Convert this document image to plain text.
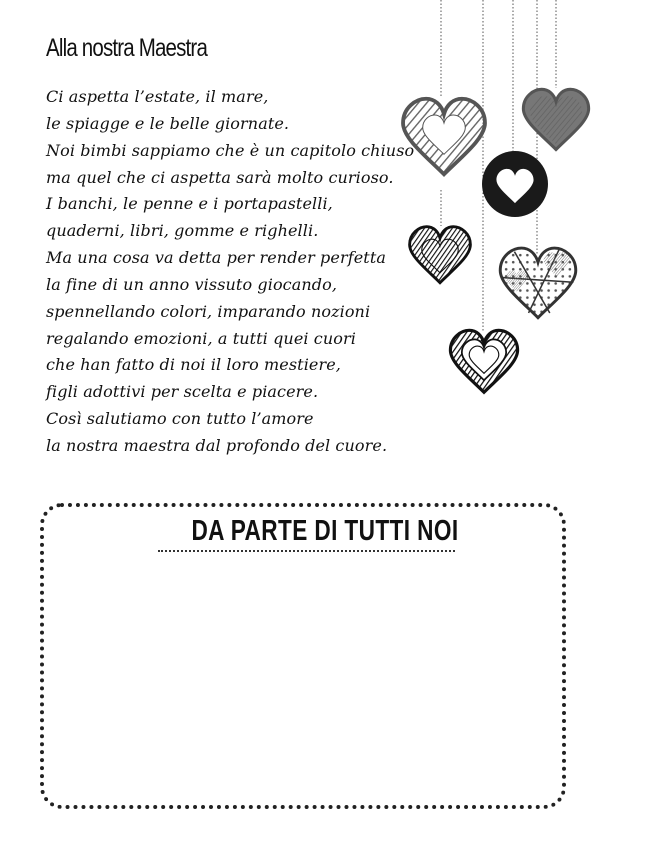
Alla nostra Maestra
Ci aspetta l’estate, il mare,
le spiagge e le belle giornate.
Noi bimbi sappiamo che è un capitolo chiuso
ma quel che ci aspetta sarà molto curioso.
I banchi, le penne e i portapastelli,
quaderni, libri, gomme e righelli.
Ma una cosa va detta per render perfetta
la fine di un anno vissuto giocando,
spennellando colori, imparando nozioni
regalando emozioni, a tutti quei cuori
che han fatto di noi il loro mestiere,
figli adottivi per scelta e piacere.
Così salutiamo con tutto l’amore
la nostra maestra dal profondo del cuore.
DA PARTE DI TUTTI NOI
